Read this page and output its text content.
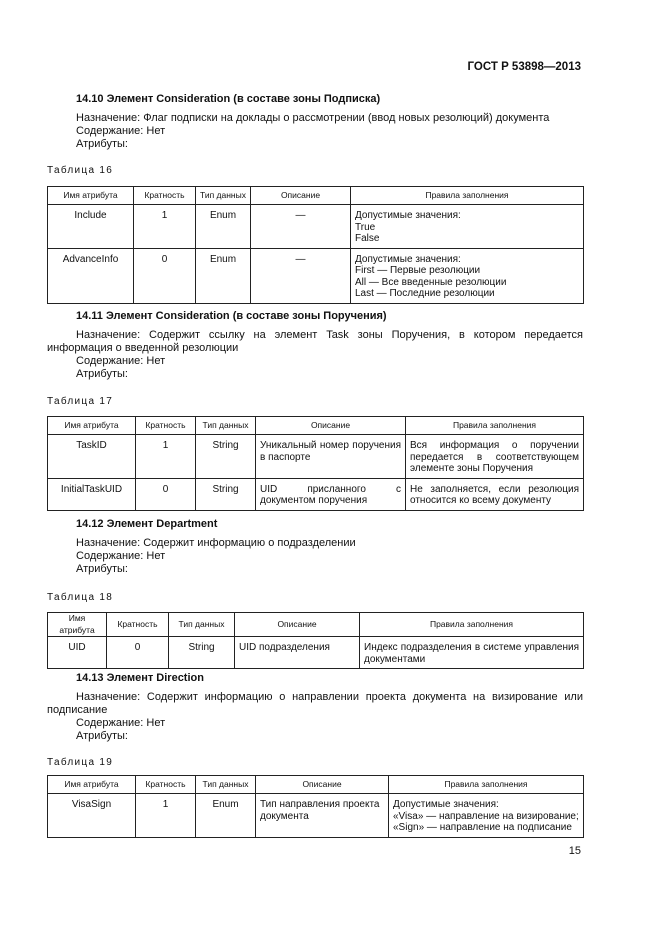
ГОСТ Р 53898—2013
14.10 Элемент Consideration (в составе зоны Подписка)
Назначение: Флаг подписки на доклады о рассмотрении (ввод новых резолюций) документа
Содержание: Нет
Атрибуты:
Таблица 16
Имя атрибута	Кратность	Тип данных	Описание	Правила заполнения
Include	1	Enum	—	Допустимые значения:
True
False

AdvanceInfo	0	Enum	—	Допустимые значения:
First — Первые резолюции
All — Все введенные резолюции
Last — Последние резолюции
14.11 Элемент Consideration (в составе зоны Поручения)
Назначение: Содержит ссылку на элемент Task зоны Поручения, в котором передается информация о введенной резолюции
Содержание: Нет
Атрибуты:
Таблица 17
Имя атрибута	Кратность	Тип данных	Описание	Правила заполнения
TaskID	1	String	Уникальный номер поручения в паспорте	Вся информация о поручении передается в соответствующем элементе зоны Поручения
InitialTaskUID	0	String	UID присланного с документом поручения	Не заполняется, если резолюция относится ко всему документу
14.12 Элемент Department
Назначение: Содержит информацию о подразделении
Содержание: Нет
Атрибуты:
Таблица 18
Имя атрибута	Кратность	Тип данных	Описание	Правила заполнения
UID	0	String	UID подразделения	Индекс подразделения в системе управления документами
14.13 Элемент Direction
Назначение: Содержит информацию о направлении проекта документа на визирование или подписание
Содержание: Нет
Атрибуты:
Таблица 19
Имя атрибута	Кратность	Тип данных	Описание	Правила заполнения
VisaSign	1	Enum	Тип направления проекта документа	Допустимые значения:
«Visa» — направление на визирование;
«Sign» — направление на подписание
15
